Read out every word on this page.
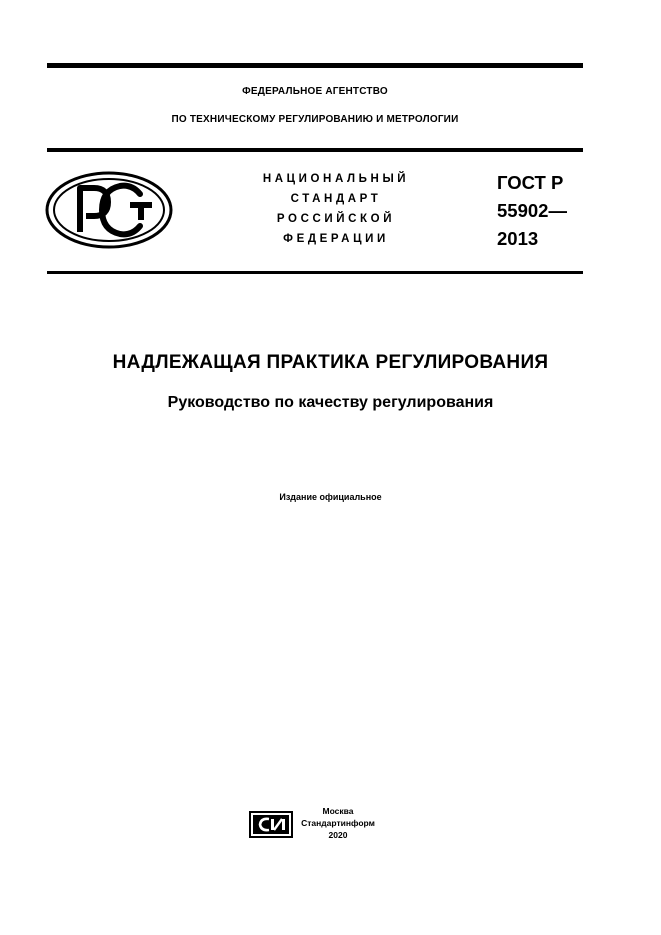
ФЕДЕРАЛЬНОЕ АГЕНТСТВО
ПО ТЕХНИЧЕСКОМУ РЕГУЛИРОВАНИЮ И МЕТРОЛОГИИ
НАЦИОНАЛЬНЫЙ
СТАНДАРТ
РОССИЙСКОЙ
ФЕДЕРАЦИИ
ГОСТ Р
55902—
2013
НАДЛЕЖАЩАЯ ПРАКТИКА РЕГУЛИРОВАНИЯ
Руководство по качеству регулирования
Издание официальное
Москва
Стандартинформ
2020
